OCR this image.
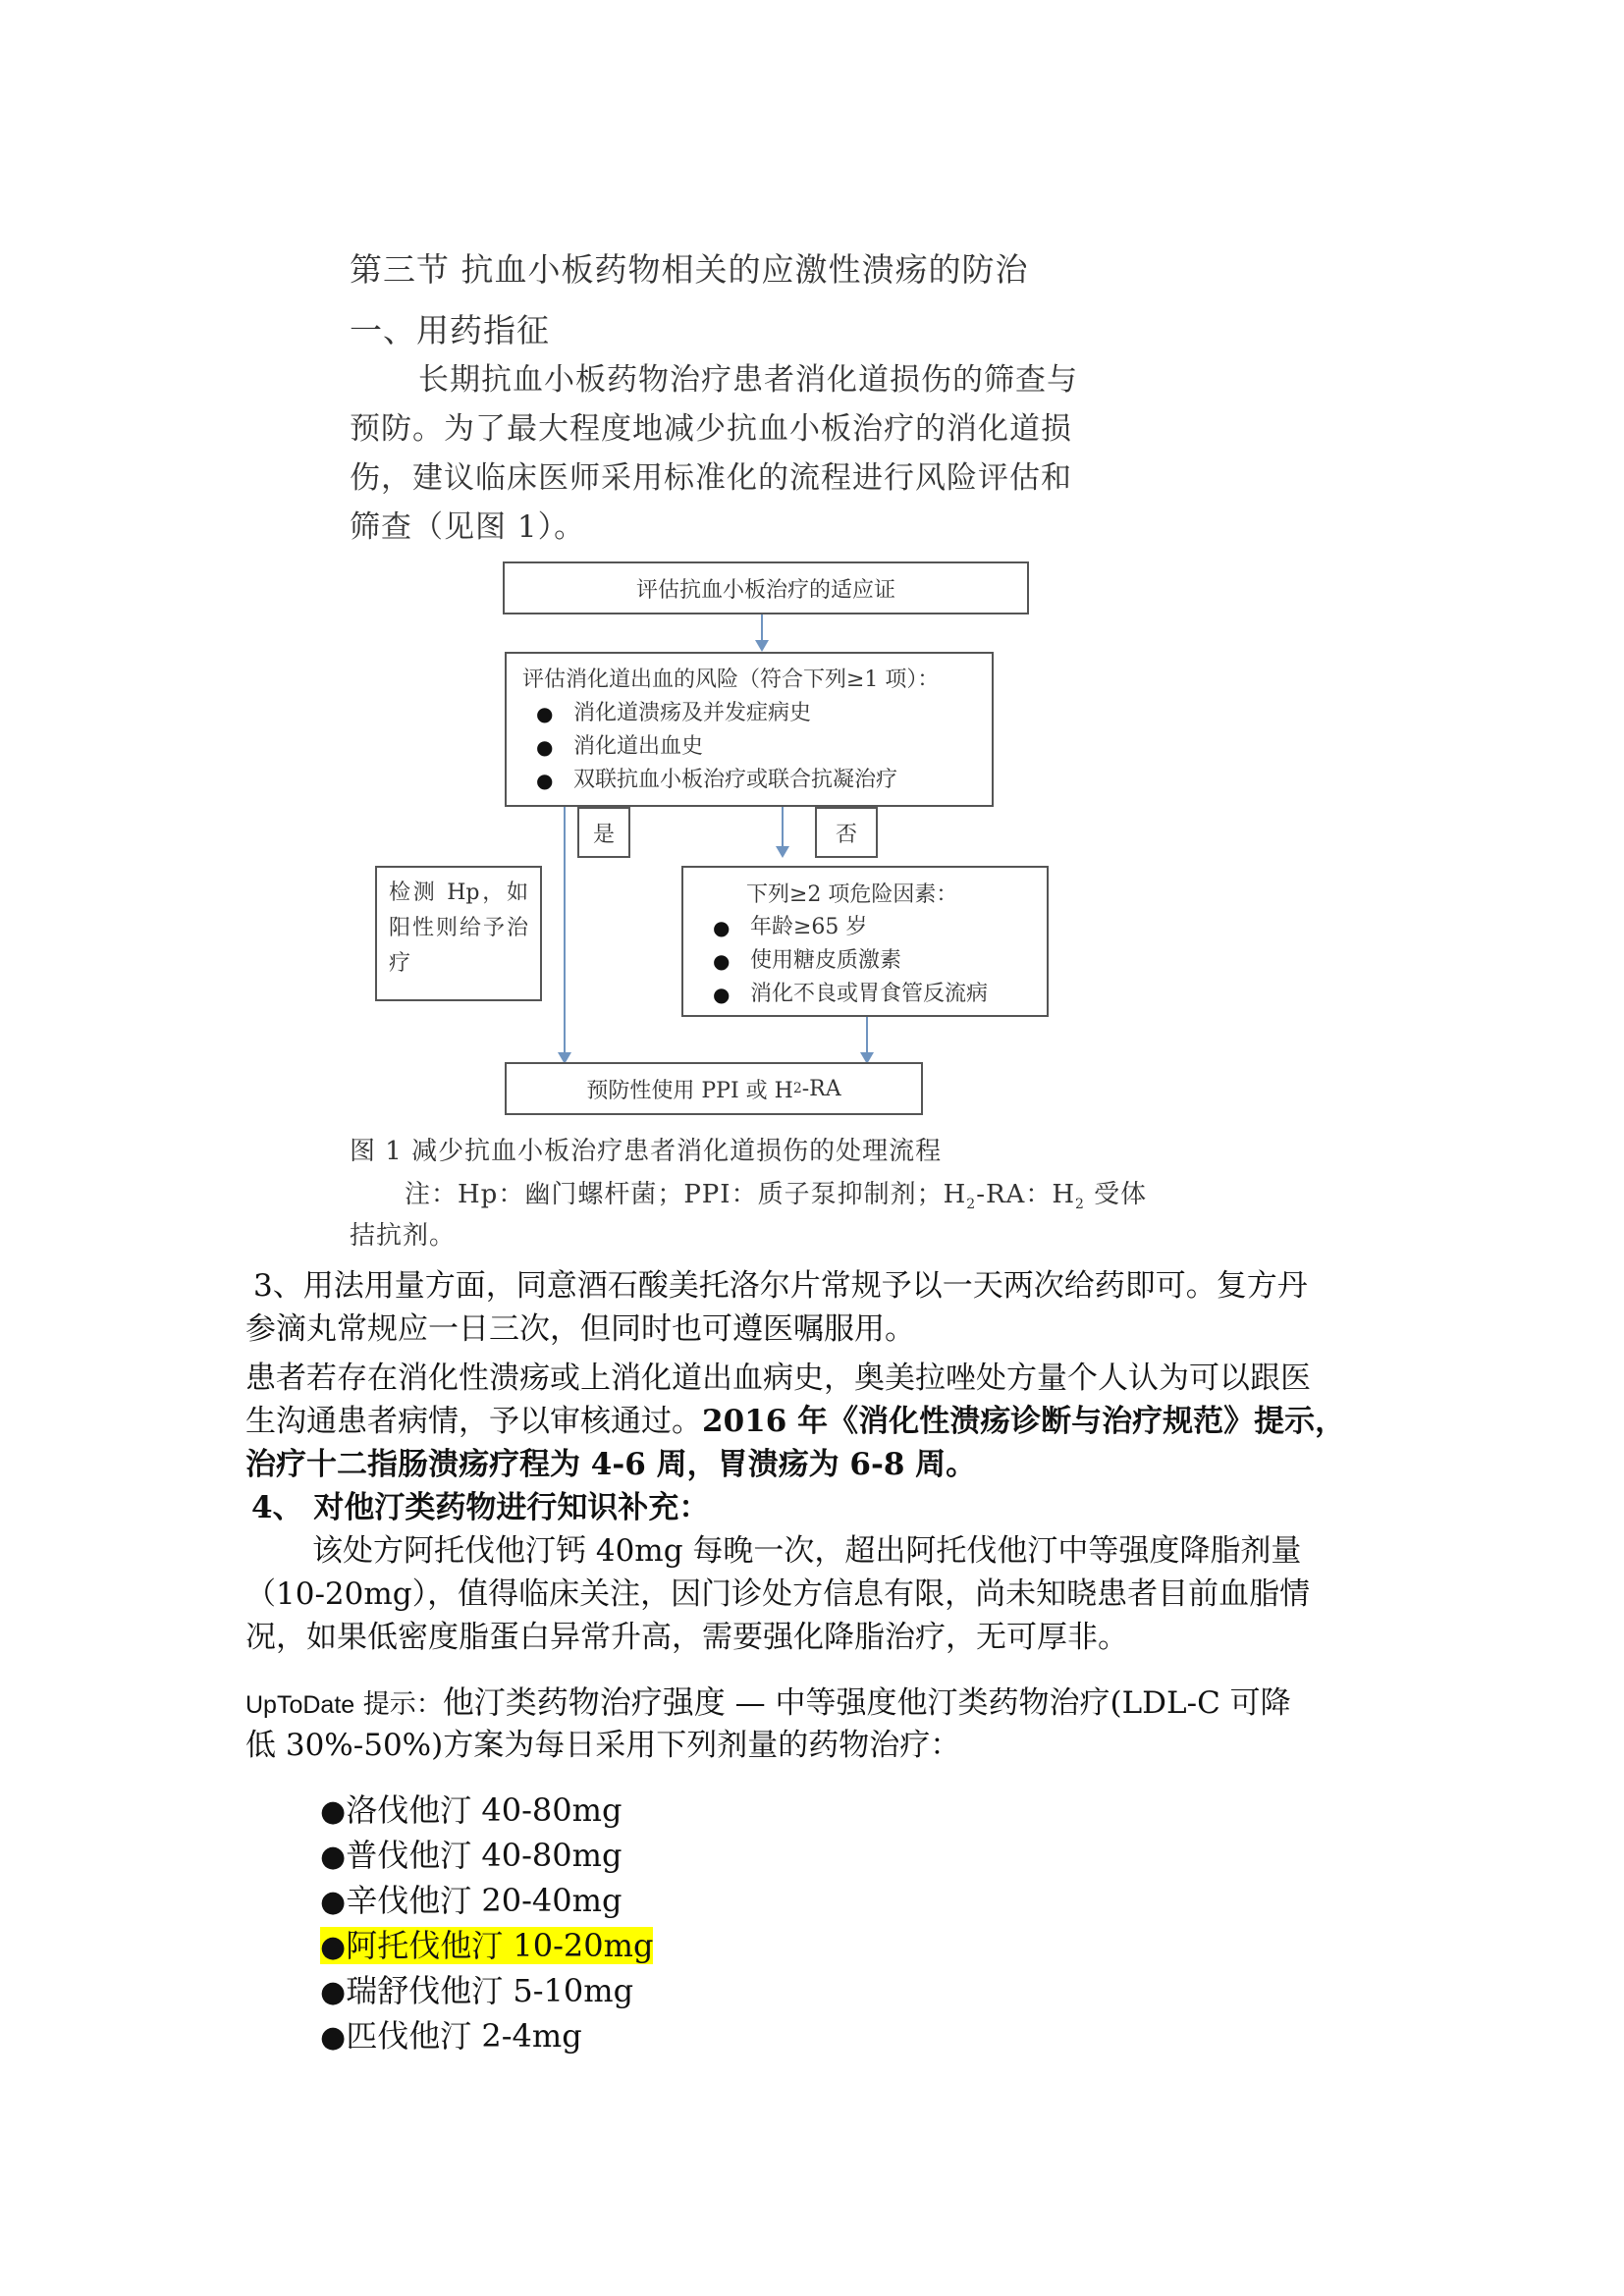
第三节 抗血小板药物相关的应激性溃疡的防治
一、用药指征
长期抗血小板药物治疗患者消化道损伤的筛查与
预防。为了最大程度地减少抗血小板治疗的消化道损
伤，建议临床医师采用标准化的流程进行风险评估和
筛查（见图 1）。
评估抗血小板治疗的适应证
评估消化道出血的风险（符合下列≥1 项）：
● 消化道溃疡及并发症病史
● 消化道出血史
● 双联抗血小板治疗或联合抗凝治疗
是	否
检测 Hp，如阳性则给予治疗
下列≥2 项危险因素：
● 年龄≥65 岁
● 使用糖皮质激素
● 消化不良或胃食管反流病
预防性使用 PPI 或 H 2 -RA
图 1 减少抗血小板治疗患者消化道损伤的处理流程
注：Hp：幽门螺杆菌；PPI：质子泵抑制剂；$H_2-RA$：$H_2$ 受体
拮抗剂。
3、用法用量方面，同意酒石酸美托洛尔片常规予以一天两次给药即可。复方丹
参滴丸常规应一日三次，但同时也可遵医嘱服用。
患者若存在消化性溃疡或上消化道出血病史，奥美拉唑处方量个人认为可以跟医
生沟通患者病情，予以审核通过。2016 年《消化性溃疡诊断与治疗规范》提示，
治疗十二指肠溃疡疗程为 4-6 周，胃溃疡为 6-8 周。
4、 对他汀类药物进行知识补充：
该处方阿托伐他汀钙 40mg 每晚一次，超出阿托伐他汀中等强度降脂剂量
（10-20mg），值得临床关注，因门诊处方信息有限，尚未知晓患者目前血脂情
况，如果低密度脂蛋白异常升高，需要强化降脂治疗，无可厚非。
UpToDate 提示：他汀类药物治疗强度 — 中等强度他汀类药物治疗(LDL-C 可降
低 30%-50%)方案为每日采用下列剂量的药物治疗：
●洛伐他汀 40-80mg
●普伐他汀 40-80mg
●辛伐他汀 20-40mg
●阿托伐他汀 10-20mg
●瑞舒伐他汀 5-10mg
●匹伐他汀 2-4mg
